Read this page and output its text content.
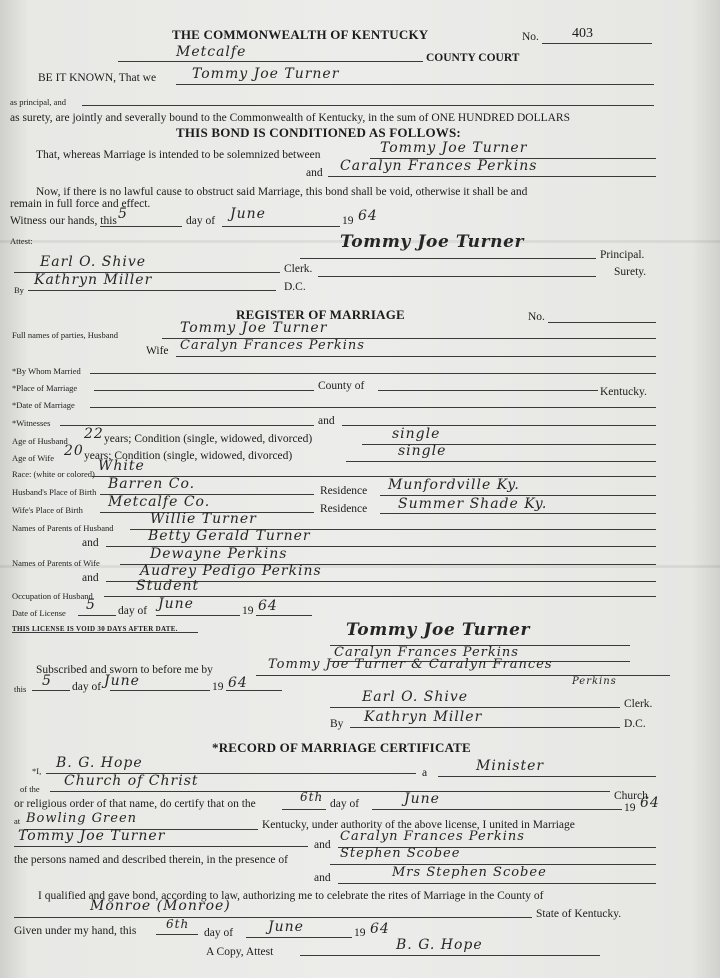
THE COMMONWEALTH OF KENTUCKY	No. 403
Metcalfe	COUNTY COURT
BE IT KNOWN, That we	Tommy Joe Turner
as principal, and
as surety, are jointly and severally bound to the Commonwealth of Kentucky, in the sum of ONE HUNDRED DOLLARS
THIS BOND IS CONDITIONED AS FOLLOWS:
That, whereas Marriage is intended to be solemnized between	Tommy Joe Turner
and Caralyn Frances Perkins
Now, if there is no lawful cause to obstruct said Marriage, this bond shall be void, otherwise it shall be and
remain in full force and effect.
Witness our hands, this 5	day of June	19 64
Attest:	Tommy Joe Turner
Principal.
Earl O. Shive	Clerk.	Surety.
By
Kathryn Miller	D.C.
REGISTER OF MARRIAGE	No.
Full names of parties, Husband	Tommy Joe Turner
Wife Caralyn Frances Perkins
*By Whom Married
*Place of Marriage	County of	Kentucky.
*Date of Marriage
*Witnesses	and
Age of Husband 22 years; Condition (single, widowed, divorced)	single
Age of Wife 20 years; Condition (single, widowed, divorced)	single
Race: (white or colored) White
Husband's Place of Birth Barren Co.	Residence Munfordville Ky.
Wife's Place of Birth Metcalfe Co.	Residence Summer Shade Ky.
Names of Parents of Husband
Willie Turner
and	Betty Gerald Turner
Names of Parents of Wife
Dewayne Perkins
and	Audrey Pedigo Perkins
Occupation of Husband
Student
Date of License 5 day of June	19 64
THIS LICENSE IS VOID 30 DAYS AFTER DATE.	Tommy Joe Turner
Caralyn Frances Perkins
Subscribed and sworn to before me by	Tommy Joe Turner & Caralyn Frances
Perkins
this 5 day of June	19 64
Earl O. Shive	Clerk.
By Kathryn Miller	D.C.
*RECORD OF MARRIAGE CERTIFICATE
*I, B. G. Hope
a	Minister
of the Church of Christ
Church
or religious order of that name, do certify that on the	6th day of	June
19 64
at Bowling Green	Kentucky, under authority of the above license, I united in Marriage
Tommy Joe Turner
and
Caralyn Frances Perkins
the persons named and described therein, in the presence of	Stephen Scobee
and	Mrs Stephen Scobee
I qualified and gave bond, according to law, authorizing me to celebrate the rites of Marriage in the County of
Monroe (Monroe)	State of Kentucky.
Given under my hand, this 6th
day of June	19 64
A Copy, Attest	B. G. Hope
